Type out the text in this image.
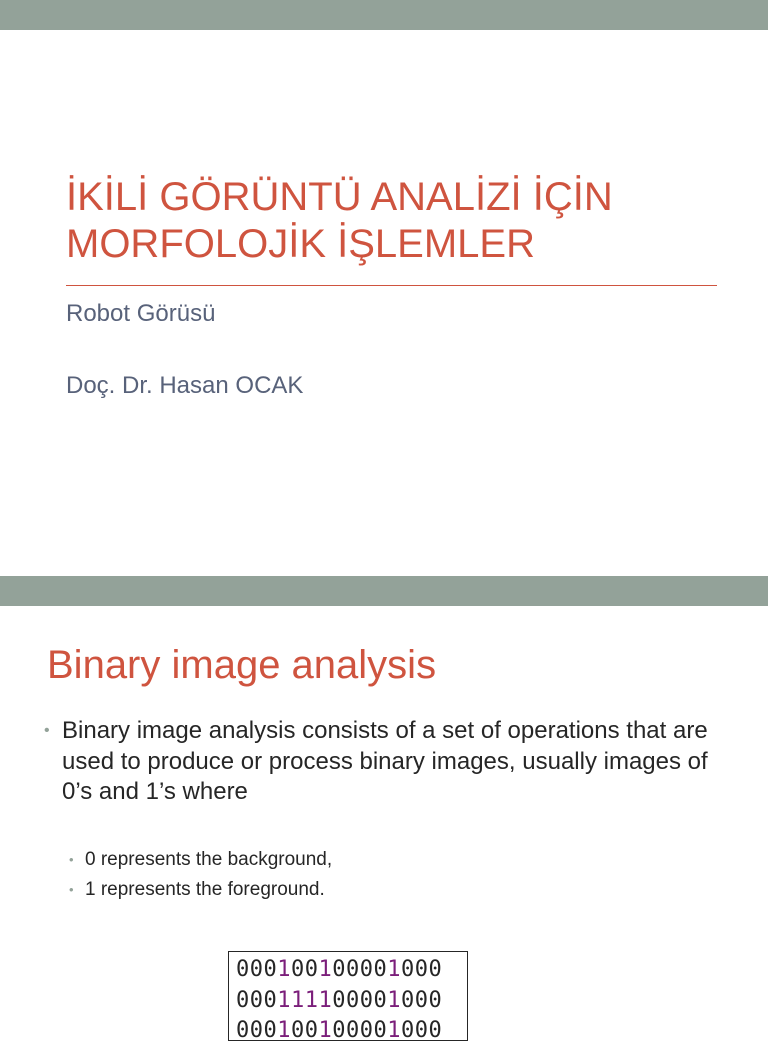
İKİLİ GÖRÜNTÜ ANALİZİ İÇİN
MORFOLOJİK İŞLEMLER
Robot Görüsü
Doç. Dr. Hasan OCAK
Binary image analysis
• Binary image analysis consists of a set of operations that are used to produce or process binary images, usually images of 0’s and 1’s where
• 0 represents the background,
• 1 represents the foreground.
000100100001000
000111100001000
000100100001000
